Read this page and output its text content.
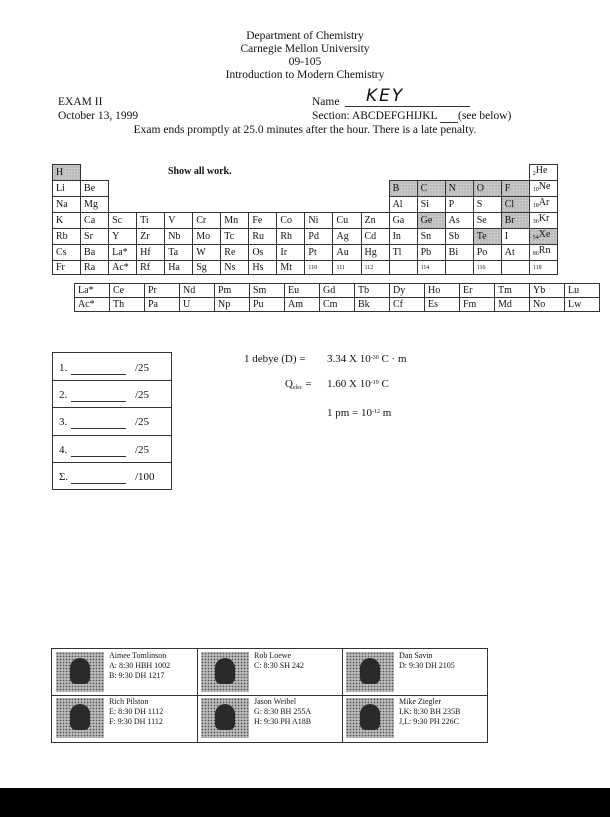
Department of Chemistry
Carnegie Mellon University
09-105
Introduction to Modern Chemistry
EXAM II
October 13, 1999
Name KEY
Section: ABCDEFGHIJKL (see below)
Exam ends promptly at 25.0 minutes after the hour. There is a late penalty.
Show all work.
H																	$_2$He
Li	Be											B	C	N	O	F	$_{10}$Ne
Na	Mg											Al	Si	P	S	Cl	$_{18}$Ar
K	Ca	Sc	Ti	V	Cr	Mn	Fe	Co	Ni	Cu	Zn	Ga	Ge	As	Se	Br	$_{36}$Kr
Rb	Sr	Y	Zr	Nb	Mo	Tc	Ru	Rh	Pd	Ag	Cd	In	Sn	Sb	Te	I	$_{54}$Xe
Cs	Ba	La*	Hf	Ta	W	Re	Os	Ir	Pt	Au	Hg	Tl	Pb	Bi	Po	At	$_{86}$Rn
Fr	Ra	Ac*	Rf	Ha	Sg	Ns	Hs	Mt	110	111	112		114		116		118
La*	Ce	Pr	Nd	Pm	Sm	Eu	Gd	Tb	Dy	Ho	Er	Tm	Yb	Lu
Ac*	Th	Pa	U	Np	Pu	Am	Cm	Bk	Cf	Es	Fm	Md	No	Lw
1.	/25
2.	/25
3.	/25
4.	/25
Σ.	/100
1 debye (D) = 3.34 X $10^{-30}$ C · m
$Q_{elec} = 1.60$ X $10^{-19}$ C
1 pm = $10^{-12}$ m
Aimee Tomlinson
A: 8:30 HBH 1002
B: 9:30 DH 1217
Rob Loewe
C: 8:30 SH 242
Dan Savin
D: 9:30 DH 2105
Rich Pilston
E: 8:30 DH 1112
F: 9:30 DH 1112
Jason Weibel
G: 8:30 BH 255A
H: 9:30 PH A18B
Mike Ziegler
I,K: 8:30 BH 235B
J,L: 9:30 PH 226C
